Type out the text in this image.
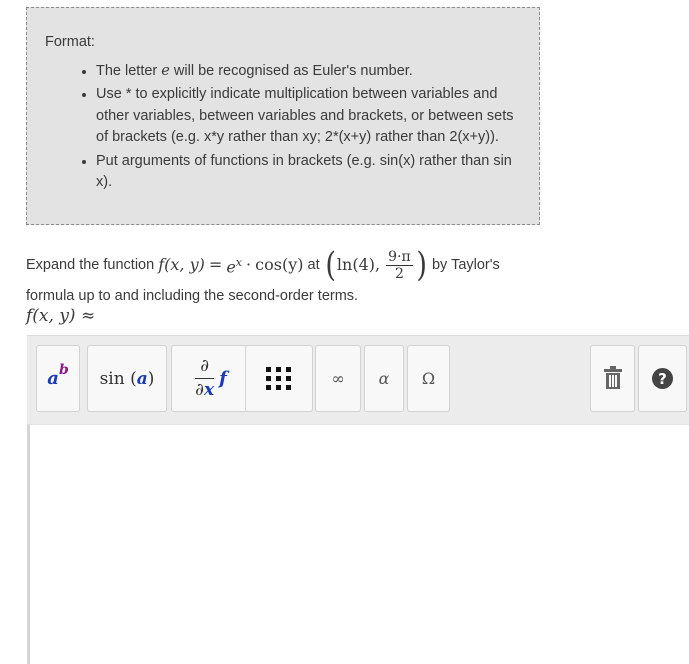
Format:
• The letter e will be recognised as Euler's number.
• Use * to explicitly indicate multiplication between variables and other variables, between variables and brackets, or between sets of brackets (e.g. x*y rather than xy; 2*(x+y) rather than 2(x+y)).
• Put arguments of functions in brackets (e.g. sin(x) rather than sin x).
Expand the function
f(x, y)
=
$e^x$
·
cos(y)
at
( ln(4),
$\frac{9\cdot\pi}{2}$ )
by Taylor's
formula up to and including the second-order terms.
f(x, y) ≈
a b $\sin (a) \frac{\partial}{\partial x}$ f	∞ α Ω	?
